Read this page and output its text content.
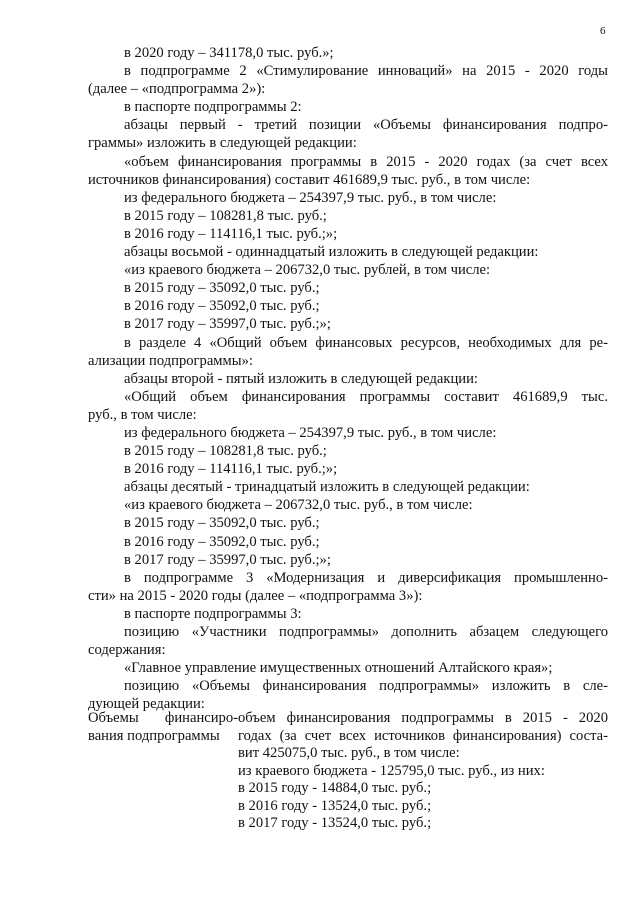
6
в 2020 году – 341178,0 тыс. руб.»;
в подпрограмме 2 «Стимулирование инноваций» на 2015 - 2020 годы
(далее – «подпрограмма 2»):
в паспорте подпрограммы 2:
абзацы первый - третий позиции «Объемы финансирования подпро-
граммы» изложить в следующей редакции:
«объем финансирования программы в 2015 - 2020 годах (за счет всех
источников финансирования) составит 461689,9 тыс. руб., в том числе:
из федерального бюджета – 254397,9 тыс. руб., в том числе:
в 2015 году – 108281,8 тыс. руб.;
в 2016 году – 114116,1 тыс. руб.;»;
абзацы восьмой - одиннадцатый изложить в следующей редакции:
«из краевого бюджета – 206732,0 тыс. рублей, в том числе:
в 2015 году – 35092,0 тыс. руб.;
в 2016 году – 35092,0 тыс. руб.;
в 2017 году – 35997,0 тыс. руб.;»;
в разделе 4 «Общий объем финансовых ресурсов, необходимых для ре-
ализации подпрограммы»:
абзацы второй - пятый изложить в следующей редакции:
«Общий объем финансирования программы составит 461689,9 тыс.
руб., в том числе:
из федерального бюджета – 254397,9 тыс. руб., в том числе:
в 2015 году – 108281,8 тыс. руб.;
в 2016 году – 114116,1 тыс. руб.;»;
абзацы десятый - тринадцатый изложить в следующей редакции:
«из краевого бюджета – 206732,0 тыс. руб., в том числе:
в 2015 году – 35092,0 тыс. руб.;
в 2016 году – 35092,0 тыс. руб.;
в 2017 году – 35997,0 тыс. руб.;»;
в подпрограмме 3 «Модернизация и диверсификация промышленно-
сти» на 2015 - 2020 годы (далее – «подпрограмма 3»):
в паспорте подпрограммы 3:
позицию «Участники подпрограммы» дополнить абзацем следующего
содержания:
«Главное управление имущественных отношений Алтайского края»;
позицию «Объемы финансирования подпрограммы» изложить в сле-
дующей редакции:
Объемы финансиро-
вания подпрограммы
объем финансирования подпрограммы в 2015 - 2020
годах (за счет всех источников финансирования) соста-
вит 425075,0 тыс. руб., в том числе:
из краевого бюджета - 125795,0 тыс. руб., из них:
в 2015 году - 14884,0 тыс. руб.;
в 2016 году - 13524,0 тыс. руб.;
в 2017 году - 13524,0 тыс. руб.;
